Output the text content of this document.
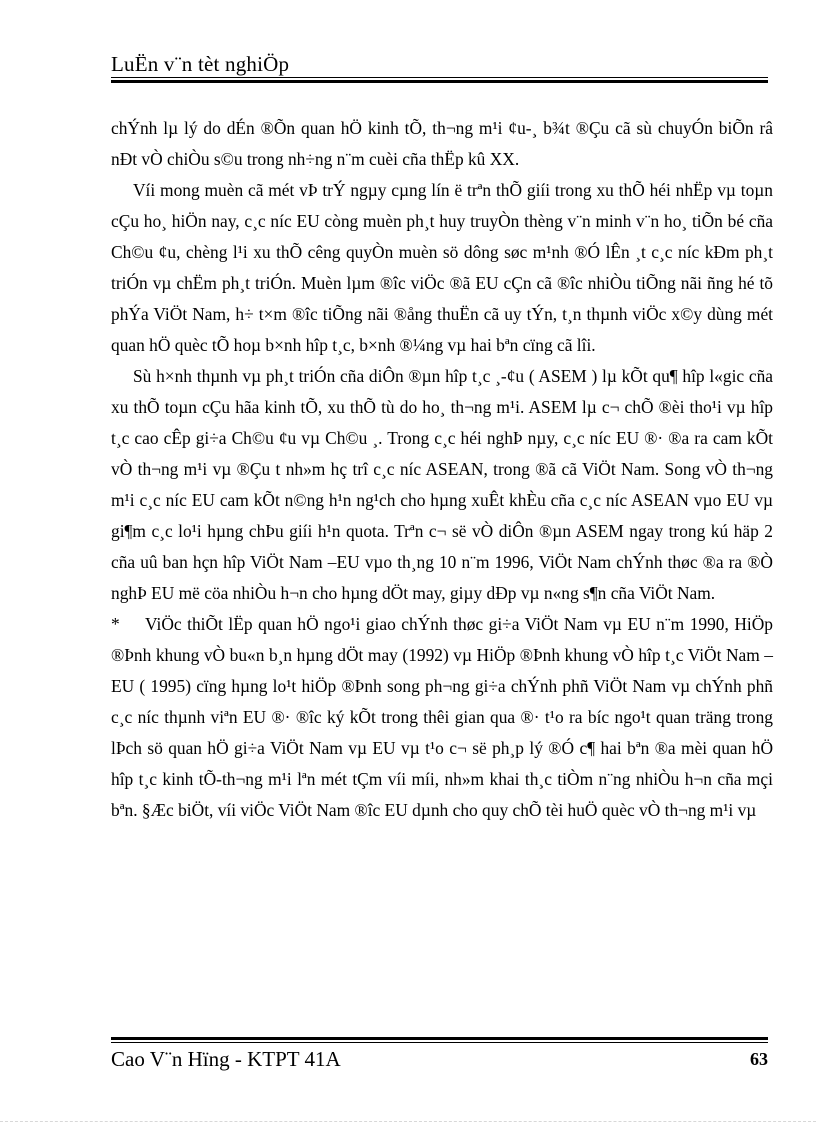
LuËn v¨n tèt nghiÖp

chÝnh lµ lý do dÉn ®Õn quan hÖ kinh tÕ, th¬ng m¹i ¢u-¸ b¾t ®Çu cã sù chuyÓn biÕn râ nÐt vÒ chiÒu s©u trong nh÷ng n¨m cuèi cña thËp kû XX.

Víi mong muèn cã mét vÞ trÝ ngµy cµng lín ë trªn thÕ giíi trong xu thÕ héi nhËp vµ toµn cÇu ho¸ hiÖn nay, c¸c níc EU còng muèn ph¸t huy truyÒn thèng v¨n minh v¨n ho¸ tiÕn bé cña Ch©u ¢u, chèng l¹i xu thÕ cêng quyÒn muèn sö dông søc m¹nh ®Ó lÊn ¸t c¸c níc kÐm ph¸t triÓn vµ chËm ph¸t triÓn. Muèn lµm ®îc viÖc ®ã EU cÇn cã ®îc nhiÒu tiÕng nãi ñng hé tõ phÝa ViÖt Nam, h÷ t×m ®îc tiÕng nãi ®ång thuËn cã uy tÝn, t¸n thµnh viÖc x©y dùng mét quan hÖ quèc tÕ hoµ b×nh hîp t¸c, b×nh ®¼ng vµ hai bªn cïng cã lîi.

Sù h×nh thµnh vµ ph¸t triÓn cña diÔn ®µn hîp t¸c ¸-¢u ( ASEM ) lµ kÕt qu¶ hîp l«gic cña xu thÕ toµn cÇu hãa kinh tÕ, xu thÕ tù do ho¸ th¬ng m¹i. ASEM lµ c¬ chÕ ®èi tho¹i vµ hîp t¸c cao cÊp gi÷a Ch©u ¢u vµ Ch©u ¸. Trong c¸c héi nghÞ nµy, c¸c níc EU ®· ®a ra cam kÕt vÒ th¬ng m¹i vµ ®Çu t nh»m hç trî c¸c níc ASEAN, trong ®ã cã ViÖt Nam. Song vÒ th¬ng m¹i c¸c níc EU cam kÕt n©ng h¹n ng¹ch cho hµng xuÊt khÈu cña c¸c níc ASEAN vµo EU vµ gi¶m c¸c lo¹i hµng chÞu giíi h¹n quota. Trªn c¬ së vÒ diÔn ®µn ASEM ngay trong kú häp 2 cña uû ban hçn hîp ViÖt Nam –EU vµo th¸ng 10 n¨m 1996, ViÖt Nam chÝnh thøc ®a ra ®Ò nghÞ EU më cöa nhiÒu h¬n cho hµng dÖt may, giµy dÐp vµ n«ng s¶n cña ViÖt Nam.

* ViÖc thiÕt lËp quan hÖ ngo¹i giao chÝnh thøc gi÷a ViÖt Nam vµ EU n¨m 1990, HiÖp ®Þnh khung vÒ bu«n b¸n hµng dÖt may (1992) vµ HiÖp ®Þnh khung vÒ hîp t¸c ViÖt Nam –EU ( 1995) cïng hµng lo¹t hiÖp ®Þnh song ph¬ng gi÷a chÝnh phñ ViÖt Nam vµ chÝnh phñ c¸c níc thµnh viªn EU ®· ®îc ký kÕt trong thêi gian qua ®· t¹o ra bíc ngo¹t quan träng trong lÞch sö quan hÖ gi÷a ViÖt Nam vµ EU vµ t¹o c¬ së ph¸p lý ®Ó c¶ hai bªn ®a mèi quan hÖ hîp t¸c kinh tÕ-th¬ng m¹i lªn mét tÇm víi míi, nh»m khai th¸c tiÒm n¨ng nhiÒu h¬n cña mçi bªn. §Æc biÖt, víi viÖc ViÖt Nam ®îc EU dµnh cho quy chÕ tèi huÖ quèc vÒ th¬ng m¹i vµ

Cao V¨n Hïng - KTPT 41A	63
